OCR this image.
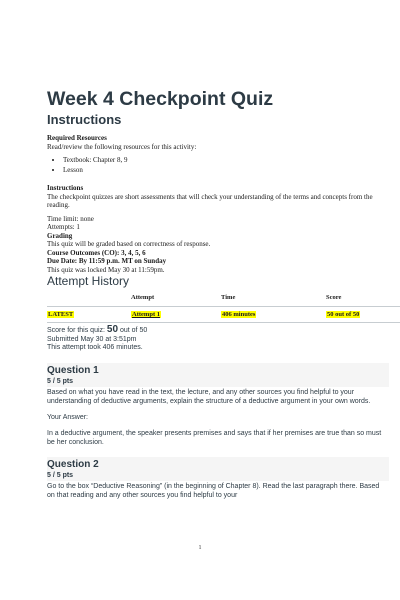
Week 4 Checkpoint Quiz
Instructions
Required Resources
Read/review the following resources for this activity:
• Textbook: Chapter 8, 9
• Lesson
Instructions
The checkpoint quizzes are short assessments that will check your understanding of the terms and concepts from the reading.
Time limit: none
Attempts: 1
Grading
This quiz will be graded based on correctness of response.
Course Outcomes (CO): 3, 4, 5, 6
Due Date: By 11:59 p.m. MT on Sunday
This quiz was locked May 30 at 11:59pm.
Attempt History
	Attempt	Time	Score
LATEST	Attempt 1	406 minutes	50 out of 50
Score for this quiz: 50 out of 50
Submitted May 30 at 3:51pm
This attempt took 406 minutes.
Question 1
5 / 5 pts
Based on what you have read in the text, the lecture, and any other sources you find helpful to your understanding of deductive arguments, explain the structure of a deductive argument in your own words.
Your Answer:
In a deductive argument, the speaker presents premises and says that if her premises are true than so must be her conclusion.
Question 2
5 / 5 pts
Go to the box “Deductive Reasoning” (in the beginning of Chapter 8). Read the last paragraph there. Based on that reading and any other sources you find helpful to your
1
